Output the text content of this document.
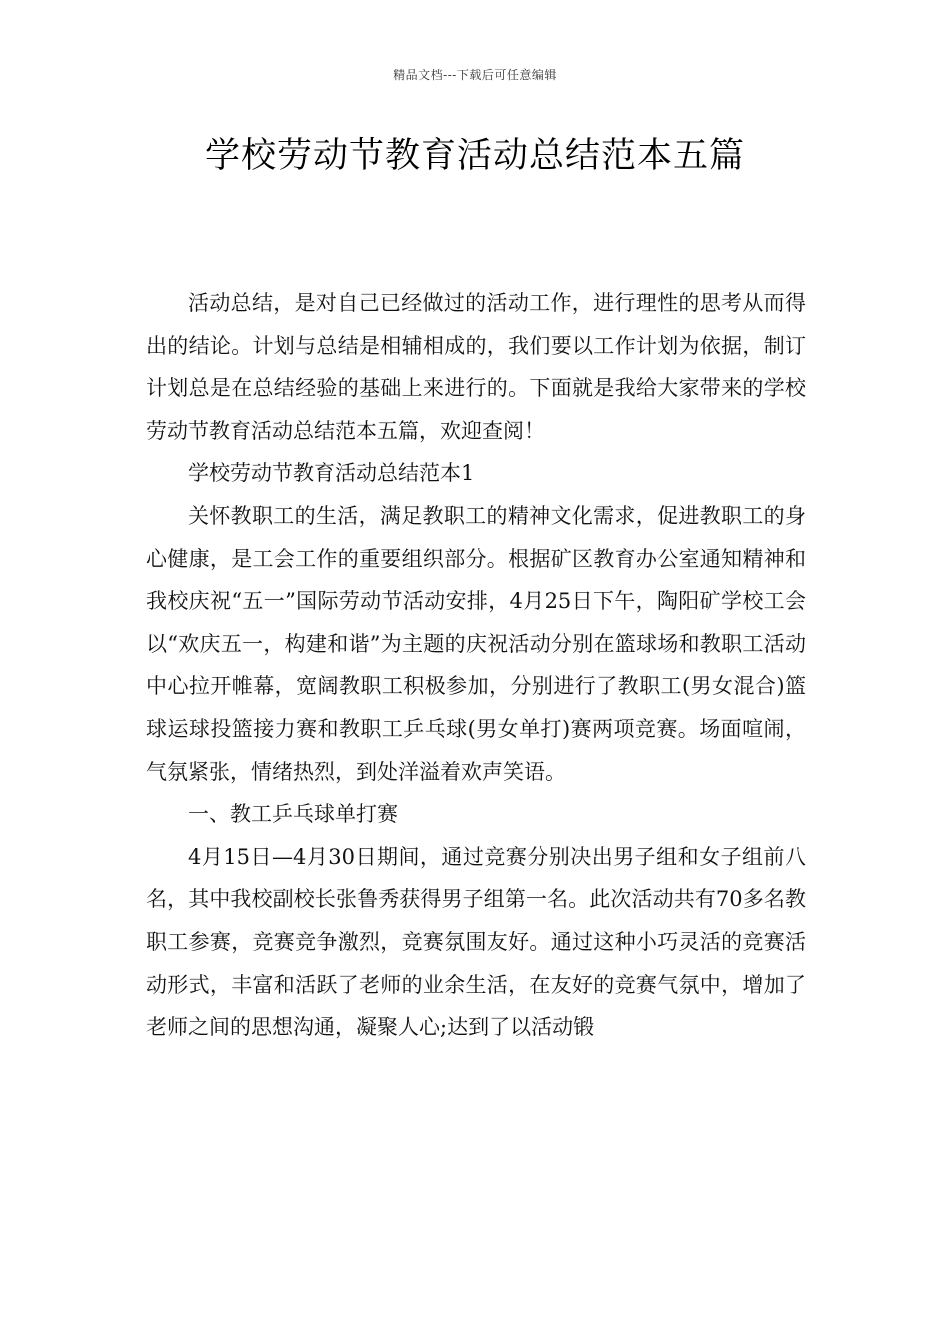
精品文档---下载后可任意编辑
学校劳动节教育活动总结范本五篇

活动总结，是对自己已经做过的活动工作，进行理性的思考从而得出的结论。计划与总结是相辅相成的，我们要以工作计划为依据，制订计划总是在总结经验的基础上来进行的。下面就是我给大家带来的学校劳动节教育活动总结范本五篇，欢迎查阅！

学校劳动节教育活动总结范本1

关怀教职工的生活，满足教职工的精神文化需求，促进教职工的身心健康，是工会工作的重要组织部分。根据矿区教育办公室通知精神和我校庆祝“五一”国际劳动节活动安排，4月25日下午，陶阳矿学校工会以“欢庆五一，构建和谐”为主题的庆祝活动分别在篮球场和教职工活动中心拉开帷幕，宽阔教职工积极参加，分别进行了教职工(男女混合)篮球运球投篮接力赛和教职工乒乓球(男女单打)赛两项竞赛。场面喧闹，气氛紧张，情绪热烈，到处洋溢着欢声笑语。

一、教工乒乓球单打赛

4月15日—4月30日期间，通过竞赛分别决出男子组和女子组前八名，其中我校副校长张鲁秀获得男子组第一名。此次活动共有70多名教职工参赛，竞赛竞争激烈，竞赛氛围友好。通过这种小巧灵活的竞赛活动形式，丰富和活跃了老师的业余生活，在友好的竞赛气氛中，增加了老师之间的思想沟通，凝聚人心;达到了以活动锻
